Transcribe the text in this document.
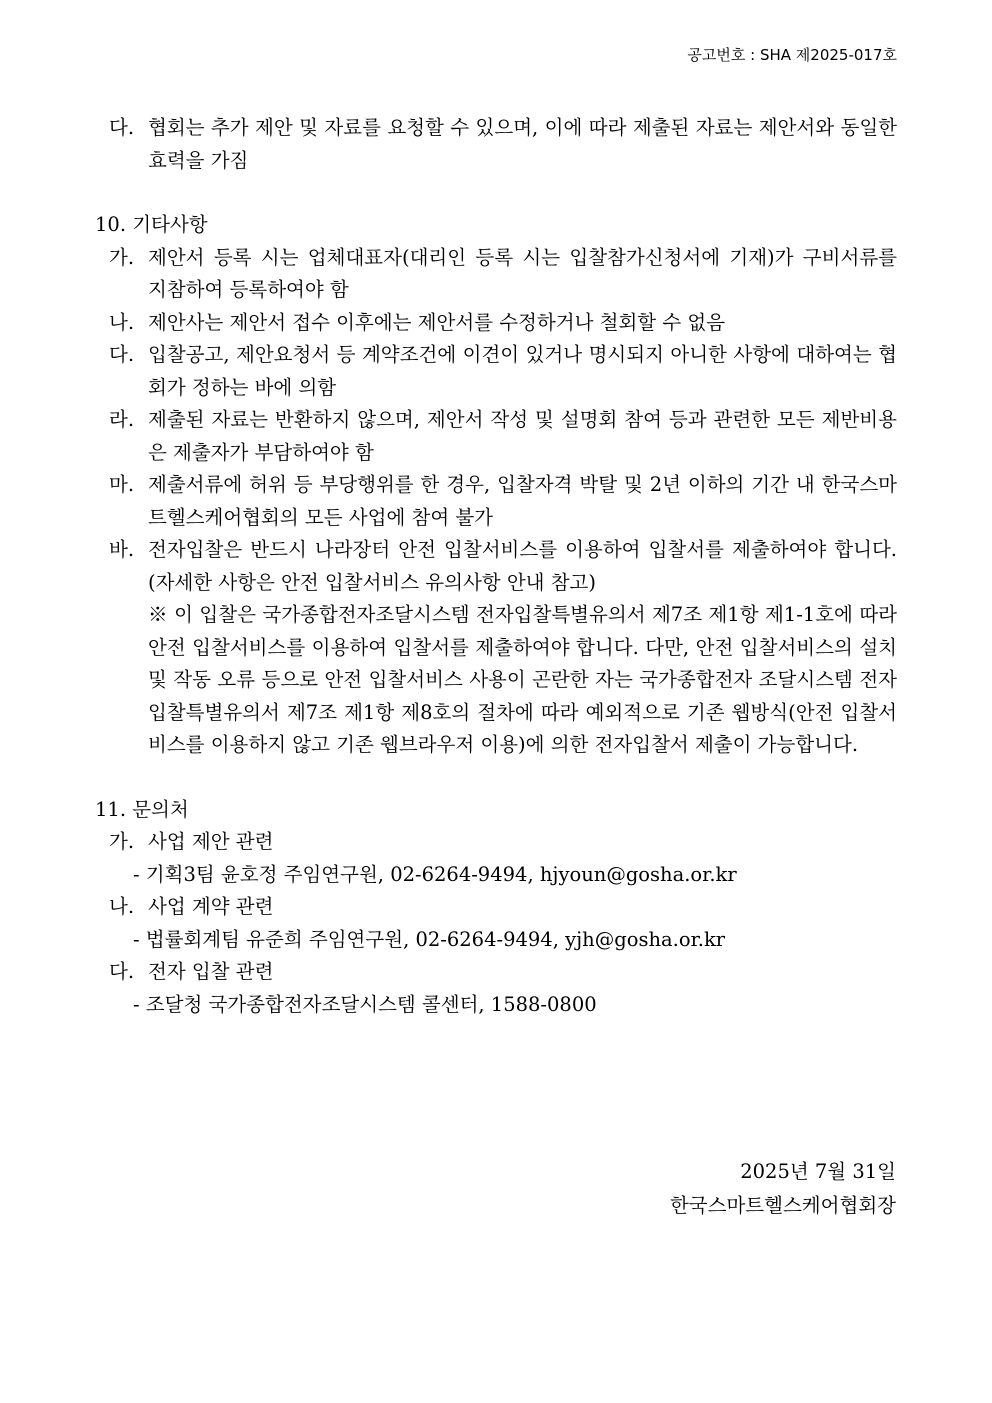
공고번호 : SHA 제2025-017호
다. 협회는 추가 제안 및 자료를 요청할 수 있으며, 이에 따라 제출된 자료는 제안서와 동일한 효력을 가짐
10. 기타사항
가. 제안서 등록 시는 업체대표자(대리인 등록 시는 입찰참가신청서에 기재)가 구비서류를 지참하여 등록하여야 함
나. 제안사는 제안서 접수 이후에는 제안서를 수정하거나 철회할 수 없음
다. 입찰공고, 제안요청서 등 계약조건에 이견이 있거나 명시되지 아니한 사항에 대하여는 협회가 정하는 바에 의함
라. 제출된 자료는 반환하지 않으며, 제안서 작성 및 설명회 참여 등과 관련한 모든 제반비용은 제출자가 부담하여야 함
마. 제출서류에 허위 등 부당행위를 한 경우, 입찰자격 박탈 및 2년 이하의 기간 내 한국스마트헬스케어협회의 모든 사업에 참여 불가
바. 전자입찰은 반드시 나라장터 안전 입찰서비스를 이용하여 입찰서를 제출하여야 합니다.(자세한 사항은 안전 입찰서비스 유의사항 안내 참고)
※ 이 입찰은 국가종합전자조달시스템 전자입찰특별유의서 제7조 제1항 제1-1호에 따라 안전 입찰서비스를 이용하여 입찰서를 제출하여야 합니다. 다만, 안전 입찰서비스의 설치 및 작동 오류 등으로 안전 입찰서비스 사용이 곤란한 자는 국가종합전자 조달시스템 전자입찰특별유의서 제7조 제1항 제8호의 절차에 따라 예외적으로 기존 웹방식(안전 입찰서비스를 이용하지 않고 기존 웹브라우저 이용)에 의한 전자입찰서 제출이 가능합니다.
11. 문의처
가. 사업 제안 관련
- 기획3팀 윤호정 주임연구원, 02-6264-9494, hjyoun@gosha.or.kr
나. 사업 계약 관련
- 법률회계팀 유준희 주임연구원, 02-6264-9494, yjh@gosha.or.kr
다. 전자 입찰 관련
- 조달청 국가종합전자조달시스템 콜센터, 1588-0800
2025년 7월 31일
한국스마트헬스케어협회장
